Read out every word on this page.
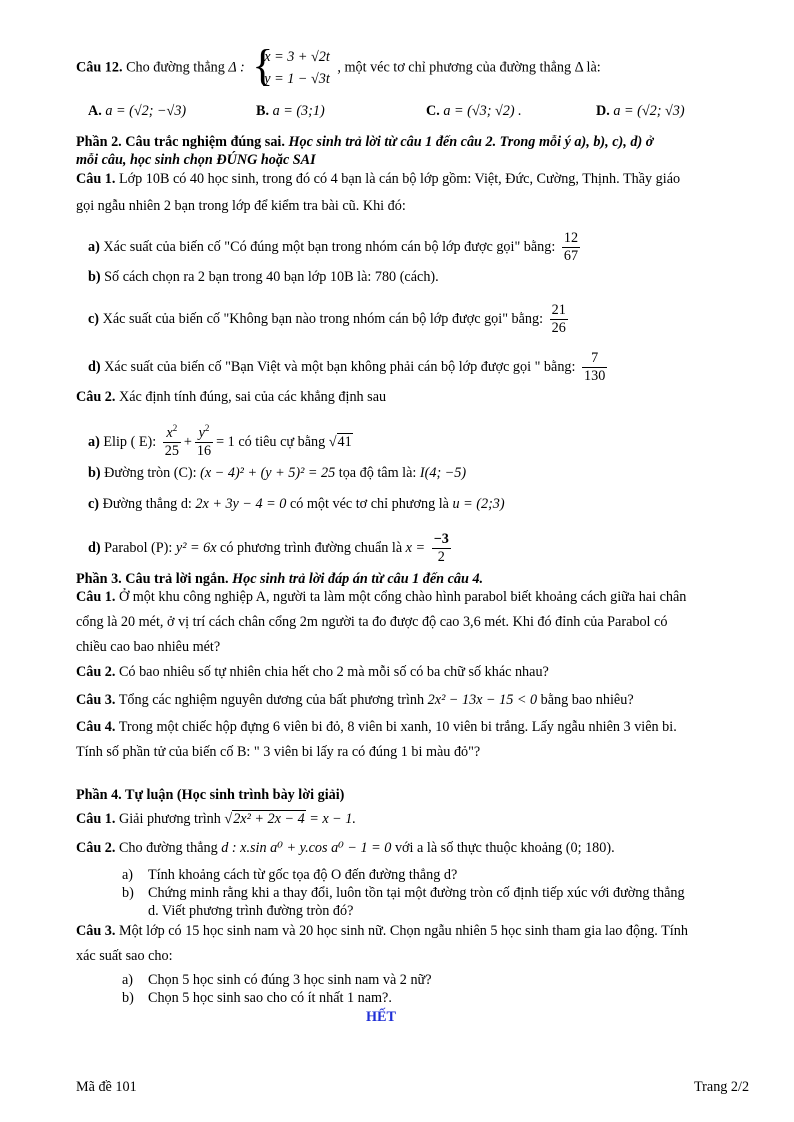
Câu 12. Cho đường thẳng Δ : {
x = 3 + √2t
y = 1 − √3t
, một véc tơ chỉ phương của đường thẳng Δ là:
A. a = (√2; −√3)	B. a = (3;1)	C. a = (√3; √2) .	D. a = (√2; √3)
Phần 2. Câu trắc nghiệm đúng sai. Học sinh trả lời từ câu 1 đến câu 2. Trong mỗi ý a), b), c), d) ở
mỗi câu, học sinh chọn ĐÚNG hoặc SAI
Câu 1. Lớp 10B có 40 học sinh, trong đó có 4 bạn là cán bộ lớp gồm: Việt, Đức, Cường, Thịnh. Thầy giáo
gọi ngẫu nhiên 2 bạn trong lớp để kiểm tra bài cũ. Khi đó:
a) Xác suất của biến cố "Có đúng một bạn trong nhóm cán bộ lớp được gọi" bằng: $\frac{12}{67}$
b) Số cách chọn ra 2 bạn trong 40 bạn lớp 10B là: 780 (cách).
c) Xác suất của biến cố "Không bạn nào trong nhóm cán bộ lớp được gọi" bằng: $\frac{21}{26}$
d) Xác suất của biến cố "Bạn Việt và một bạn không phải cán bộ lớp được gọi " bằng: $\frac{7}{130}$
Câu 2. Xác định tính đúng, sai của các khẳng định sau
a) Elip ( E): $\frac{x^2}{25} + \frac{y^2}{16} = 1$ có tiêu cự bằng √41
b) Đường tròn (C): (x − 4)² + (y + 5)² = 25 tọa độ tâm là: I(4; −5)
c) Đường thẳng d: 2x + 3y − 4 = 0 có một véc tơ chỉ phương là u = (2;3)
d) Parabol (P): y² = 6x có phương trình đường chuẩn là $x = \frac{-3}{2}$
Phần 3. Câu trả lời ngắn. Học sinh trả lời đáp án từ câu 1 đến câu 4.
Câu 1. Ở một khu công nghiệp A, người ta làm một cổng chào hình parabol biết khoảng cách giữa hai chân
cổng là 20 mét, ở vị trí cách chân cổng 2m người ta đo được độ cao 3,6 mét. Khi đó đỉnh của Parabol có
chiều cao bao nhiêu mét?
Câu 2. Có bao nhiêu số tự nhiên chia hết cho 2 mà mỗi số có ba chữ số khác nhau?
Câu 3. Tổng các nghiệm nguyên dương của bất phương trình 2x² − 13x − 15 < 0 bằng bao nhiêu?
Câu 4. Trong một chiếc hộp đựng 6 viên bi đỏ, 8 viên bi xanh, 10 viên bi trắng. Lấy ngẫu nhiên 3 viên bi.
Tính số phần tử của biến cố B: " 3 viên bi lấy ra có đúng 1 bi màu đỏ"?
Phần 4. Tự luận (Học sinh trình bày lời giải)
Câu 1. Giải phương trình √2x² + 2x − 4 = x − 1.
Câu 2. Cho đường thẳng d : x.sin a⁰ + y.cos a⁰ − 1 = 0 với a là số thực thuộc khoảng (0; 180).
a) Tính khoảng cách từ gốc tọa độ O đến đường thẳng d?
b) Chứng minh rằng khi a thay đổi, luôn tồn tại một đường tròn cố định tiếp xúc với đường thẳng
d. Viết phương trình đường tròn đó?
Câu 3. Một lớp có 15 học sinh nam và 20 học sinh nữ. Chọn ngẫu nhiên 5 học sinh tham gia lao động. Tính
xác suất sao cho:
a) Chọn 5 học sinh có đúng 3 học sinh nam và 2 nữ?
b) Chọn 5 học sinh sao cho có ít nhất 1 nam?.
HẾT
Mã đề 101	Trang 2/2
